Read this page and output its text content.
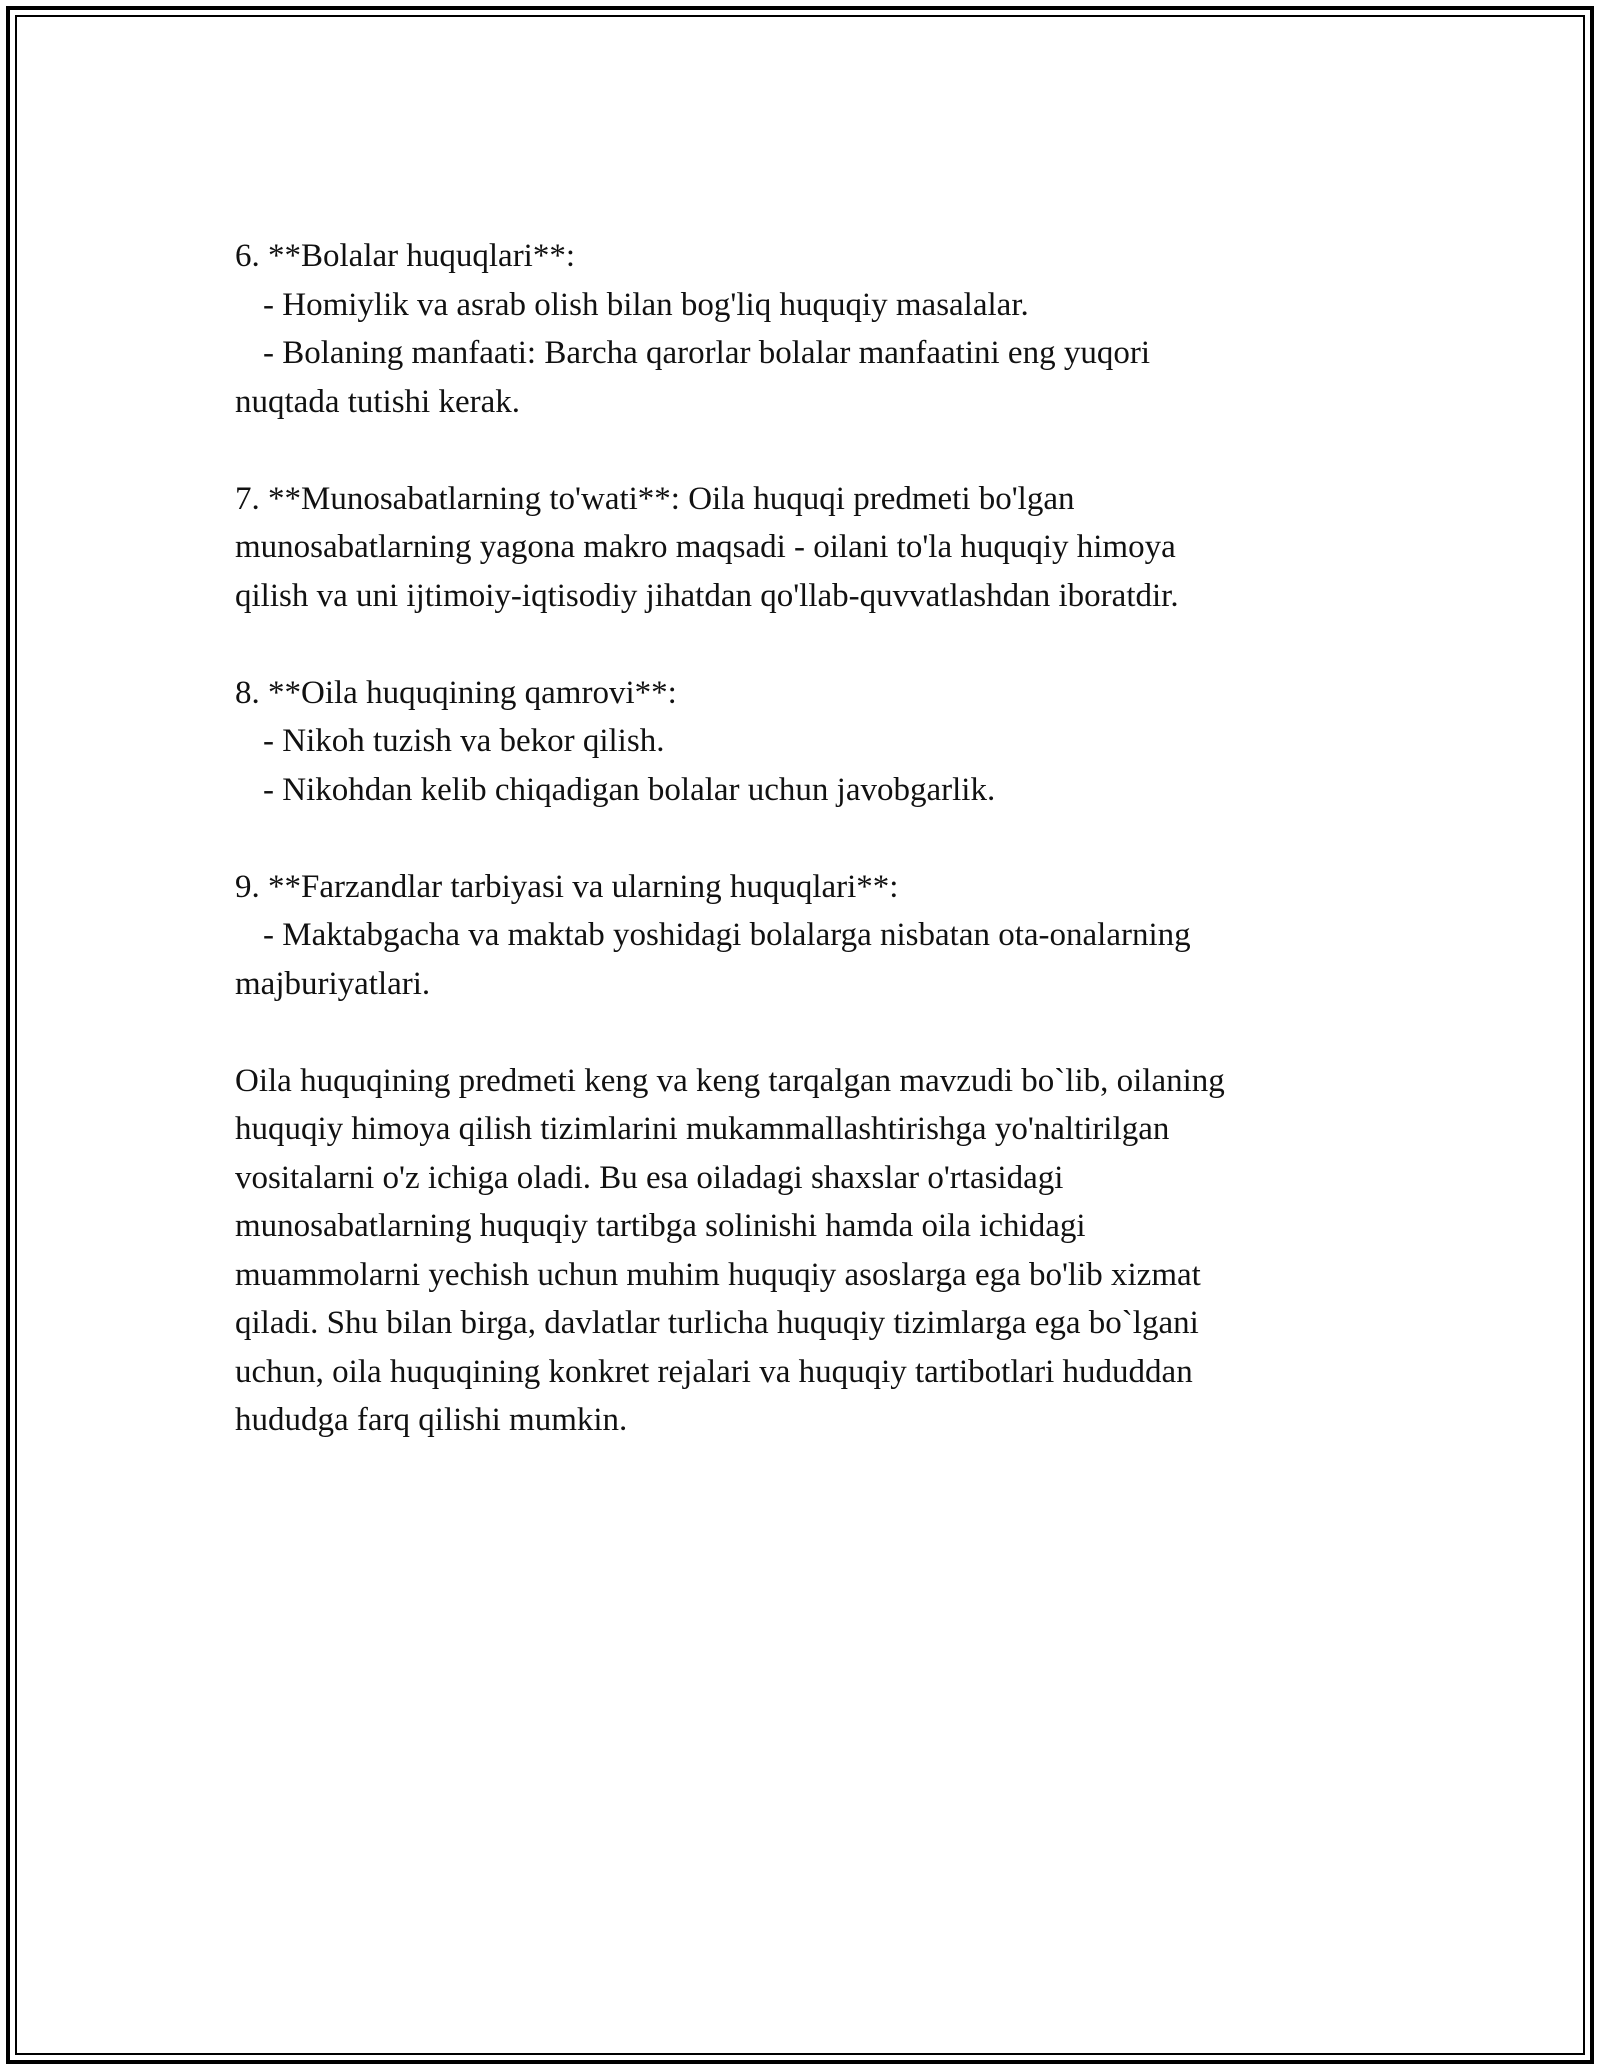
6. **Bolalar huquqlari**:
- Homiylik va asrab olish bilan bog'liq huquqiy masalalar.
- Bolaning manfaati: Barcha qarorlar bolalar manfaatini eng yuqori
nuqtada tutishi kerak.
7. **Munosabatlarning to'wati**: Oila huquqi predmeti bo'lgan
munosabatlarning yagona makro maqsadi - oilani to'la huquqiy himoya
qilish va uni ijtimoiy-iqtisodiy jihatdan qo'llab-quvvatlashdan iboratdir.
8. **Oila huquqining qamrovi**:
- Nikoh tuzish va bekor qilish.
- Nikohdan kelib chiqadigan bolalar uchun javobgarlik.
9. **Farzandlar tarbiyasi va ularning huquqlari**:
- Maktabgacha va maktab yoshidagi bolalarga nisbatan ota-onalarning
majburiyatlari.
Oila huquqining predmeti keng va keng tarqalgan mavzudi bo`lib, oilaning
huquqiy himoya qilish tizimlarini mukammallashtirishga yo'naltirilgan
vositalarni o'z ichiga oladi. Bu esa oiladagi shaxslar o'rtasidagi
munosabatlarning huquqiy tartibga solinishi hamda oila ichidagi
muammolarni yechish uchun muhim huquqiy asoslarga ega bo'lib xizmat
qiladi. Shu bilan birga, davlatlar turlicha huquqiy tizimlarga ega bo`lgani
uchun, oila huquqining konkret rejalari va huquqiy tartibotlari hududdan
hududga farq qilishi mumkin.
